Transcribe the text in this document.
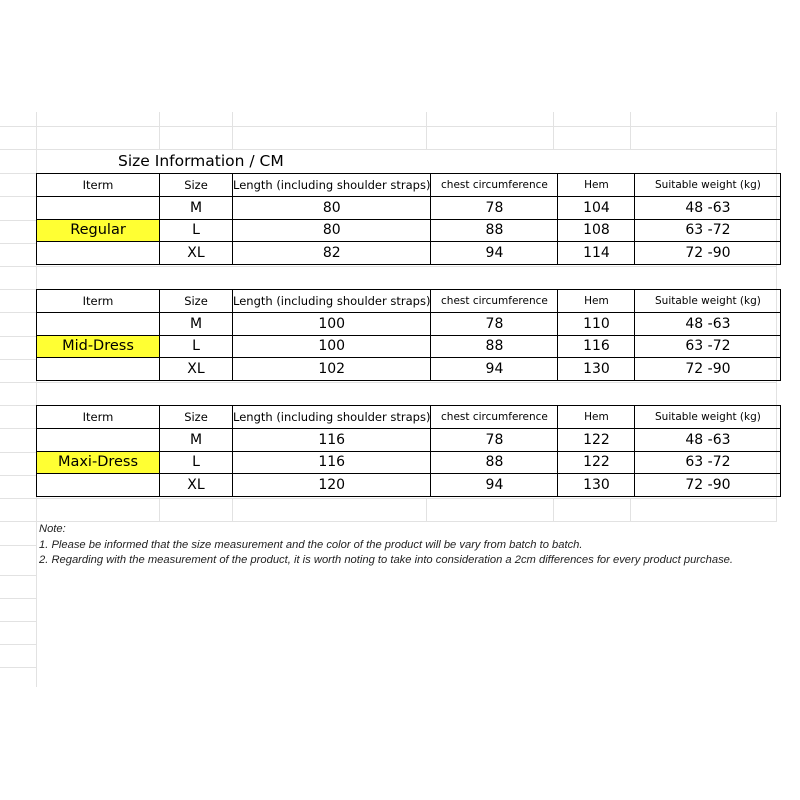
Size Information / CM
Iterm	Size	Length (including shoulder straps)	chest circumference	Hem	Suitable weight (kg)
	M	80	78	104	48 -63
Regular	L	80	88	108	63 -72
	XL	82	94	114	72 -90
Iterm	Size	Length (including shoulder straps)	chest circumference	Hem	Suitable weight (kg)
	M	100	78	110	48 -63
Mid-Dress	L	100	88	116	63 -72
	XL	102	94	130	72 -90
Iterm	Size	Length (including shoulder straps)	chest circumference	Hem	Suitable weight (kg)
	M	116	78	122	48 -63
Maxi-Dress	L	116	88	122	63 -72
	XL	120	94	130	72 -90
Note:
1. Please be informed that the size measurement and the color of the product will be vary from batch to batch.
2. Regarding with the measurement of the product, it is worth noting to take into consideration a 2cm differences for every product purchase.
